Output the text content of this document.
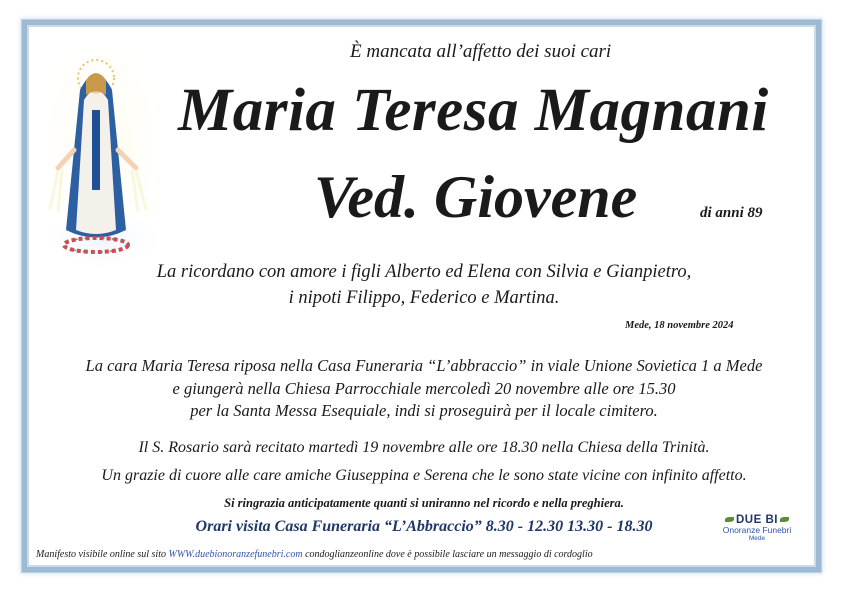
È mancata all’affetto dei suoi cari
Maria Teresa Magnani
Ved. Giovene	di anni 89
La ricordano con amore i figli Alberto ed Elena con Silvia e Gianpietro,
i nipoti Filippo, Federico e Martina.
Mede, 18 novembre 2024
La cara Maria Teresa riposa nella Casa Funeraria “L’abbraccio” in viale Unione Sovietica 1 a Mede
e giungerà nella Chiesa Parrocchiale mercoledì 20 novembre alle ore 15.30
per la Santa Messa Esequiale, indi si proseguirà per il locale cimitero.
Il S. Rosario sarà recitato martedì 19 novembre alle ore 18.30 nella Chiesa della Trinità.
Un grazie di cuore alle care amiche Giuseppina e Serena che le sono state vicine con infinito affetto.
Si ringrazia anticipatamente quanti si uniranno nel ricordo e nella preghiera.
Orari visita Casa Funeraria “L’Abbraccio” 8.30 - 12.30 13.30 - 18.30
Manifesto visibile online sul sito WWW.duebionoranzefunebri.com condoglianzeonline dove è possibile lasciare un messaggio di cordoglio
DUE BI
Onoranze Funebri
Mede
